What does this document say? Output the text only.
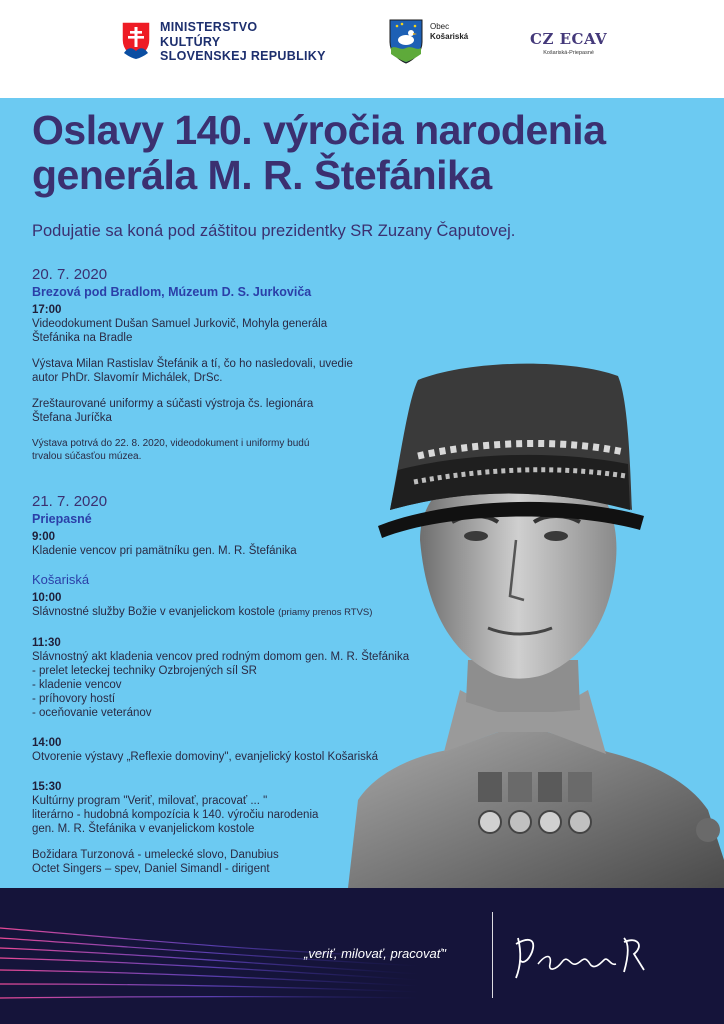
MINISTERSTVO
KULTÚRY
SLOVENSKEJ REPUBLIKY
Obec
Košariská	CZ ECAV
Košariská-Priepasné
Oslavy 140. výročia narodenia
generála M. R. Štefánika
Podujatie sa koná pod záštitou prezidentky SR Zuzany Čaputovej.
20. 7. 2020
Brezová pod Bradlom, Múzeum D. S. Jurkoviča
17:00
Videodokument Dušan Samuel Jurkovič, Mohyla generála
Štefánika na Bradle
Výstava Milan Rastislav Štefánik a tí, čo ho nasledovali, uvedie
autor PhDr. Slavomír Michálek, DrSc.
Zreštaurované uniformy a súčasti výstroja čs. legionára
Štefana Juríčka
Výstava potrvá do 22. 8. 2020, videodokument i uniformy budú
trvalou súčasťou múzea.
21. 7. 2020
Priepasné
9:00
Kladenie vencov pri pamätníku gen. M. R. Štefánika
Košariská
10:00
Slávnostné služby Božie v evanjelickom kostole (priamy prenos RTVS)
11:30
Slávnostný akt kladenia vencov pred rodným domom gen. M. R. Štefánika
- prelet leteckej techniky Ozbrojených síl SR
- kladenie vencov
- príhovory hostí
- oceňovanie veteránov
14:00
Otvorenie výstavy „Reflexie domoviny", evanjelický kostol Košariská
15:30
Kultúrny program "Veriť, milovať, pracovať ... "
literárno - hudobná kompozícia k 140. výročiu narodenia
gen. M. R. Štefánika v evanjelickom kostole
Božidara Turzonová - umelecké slovo, Danubius
Octet Singers – spev, Daniel Simandl - dirigent
„veriť, milovať, pracovať"
